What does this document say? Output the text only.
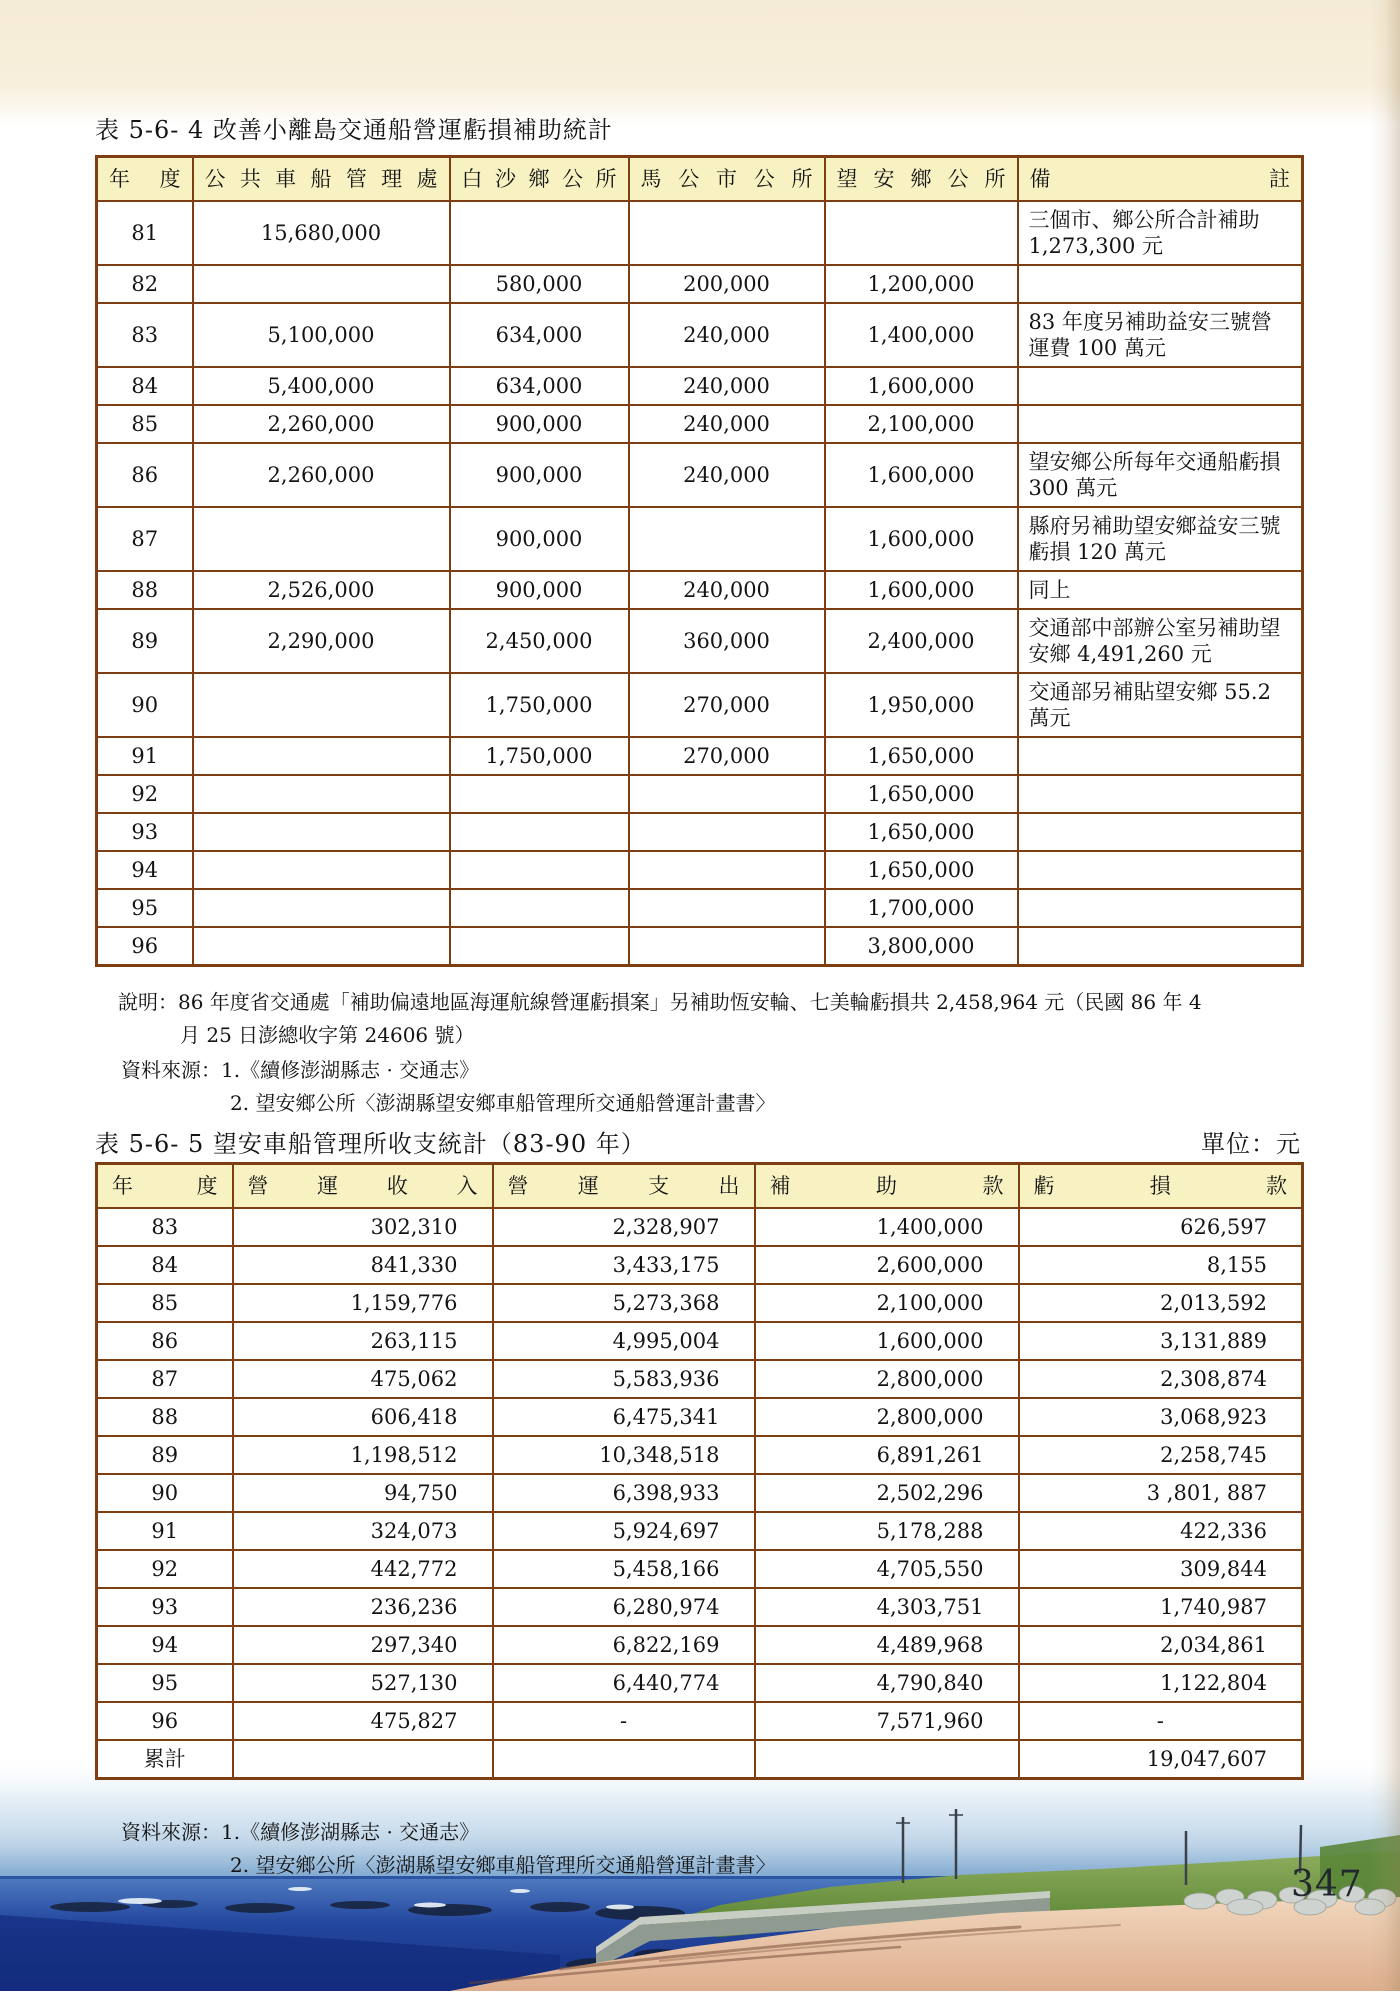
表 5-6- 4 改善小離島交通船營運虧損補助統計
年 度	公 共 車 船 管 理 處	白 沙 鄉 公 所	馬 公 市 公 所	望 安 鄉 公 所	備 註
81	15,680,000				三個市、鄉公所合計補助 1,273,300 元
82		580,000	200,000	1,200,000	
83	5,100,000	634,000	240,000	1,400,000	83 年度另補助益安三號營運費 100 萬元
84	5,400,000	634,000	240,000	1,600,000	
85	2,260,000	900,000	240,000	2,100,000	
86	2,260,000	900,000	240,000	1,600,000	望安鄉公所每年交通船虧損 300 萬元
87		900,000		1,600,000	縣府另補助望安鄉益安三號虧損 120 萬元
88	2,526,000	900,000	240,000	1,600,000	同上
89	2,290,000	2,450,000	360,000	2,400,000	交通部中部辦公室另補助望安鄉 4,491,260 元
90		1,750,000	270,000	1,950,000	交通部另補貼望安鄉 55.2 萬元
91		1,750,000	270,000	1,650,000	
92				1,650,000	
93				1,650,000	
94				1,650,000	
95				1,700,000	
96				3,800,000	
說明： 86 年度省交通處「補助偏遠地區海運航線營運虧損案」另補助恆安輪、七美輪虧損共 2,458,964 元（民國 86 年 4
月 25 日澎總收字第 24606 號）
資料來源： 1.《續修澎湖縣志 · 交通志》
2. 望安鄉公所〈澎湖縣望安鄉車船管理所交通船營運計畫書〉
表 5-6- 5 望安車船管理所收支統計（83-90 年）	單位：元
年 度	營 運 收 入	營 運 支 出	補 助 款	虧 損 款
83	302,310	2,328,907	1,400,000	626,597
84	841,330	3,433,175	2,600,000	8,155
85	1,159,776	5,273,368	2,100,000	2,013,592
86	263,115	4,995,004	1,600,000	3,131,889
87	475,062	5,583,936	2,800,000	2,308,874
88	606,418	6,475,341	2,800,000	3,068,923
89	1,198,512	10,348,518	6,891,261	2,258,745
90	94,750	6,398,933	2,502,296	3 ,801, 887
91	324,073	5,924,697	5,178,288	422,336
92	442,772	5,458,166	4,705,550	309,844
93	236,236	6,280,974	4,303,751	1,740,987
94	297,340	6,822,169	4,489,968	2,034,861
95	527,130	6,440,774	4,790,840	1,122,804
96	475,827	-	7,571,960	-
累計				19,047,607
資料來源： 1.《續修澎湖縣志 · 交通志》
2. 望安鄉公所〈澎湖縣望安鄉車船管理所交通船營運計畫書〉	347
